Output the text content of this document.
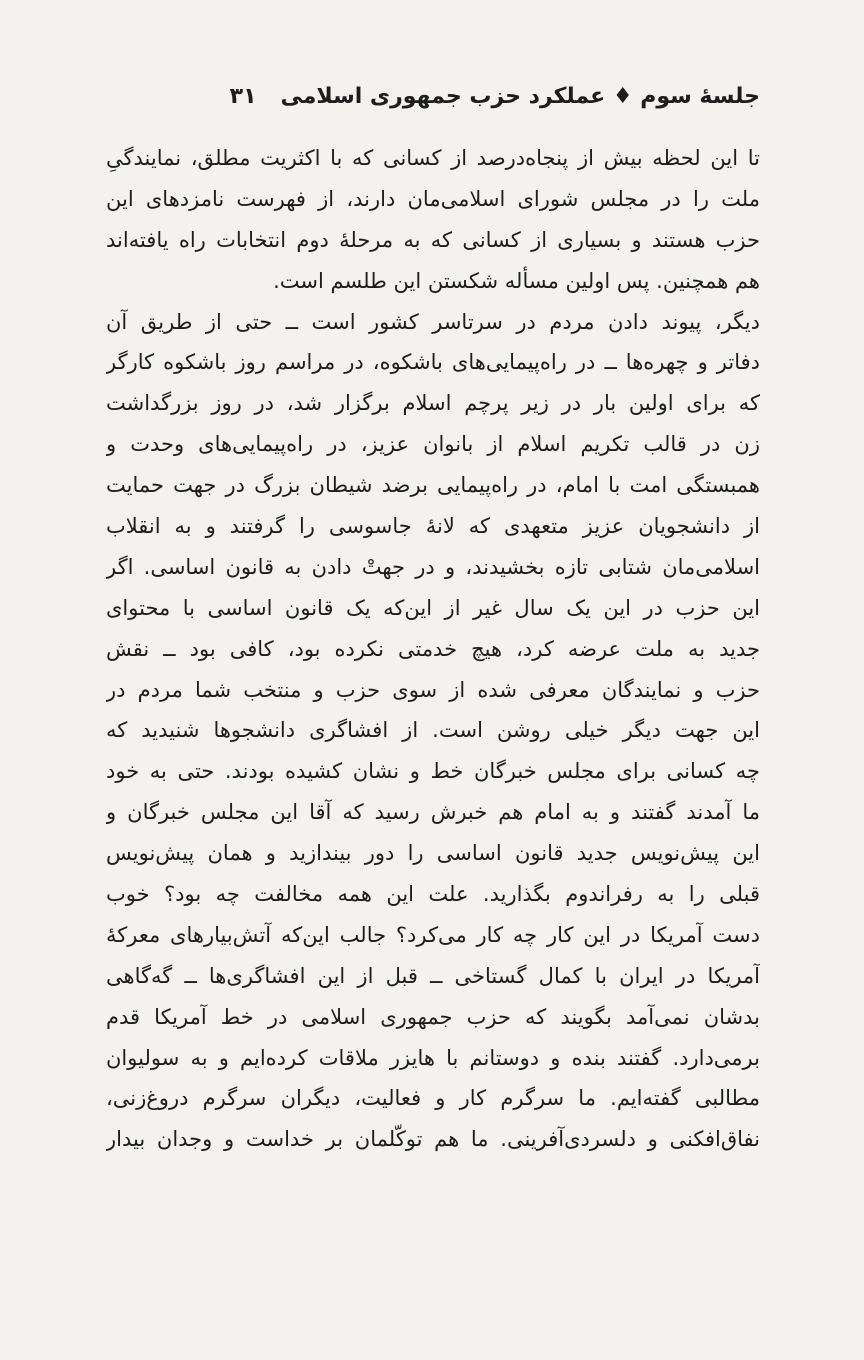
جلسۀ سوم ♦ عملکرد حزب جمهوری اسلامی
۳۱
تا این لحظه بیش از پنجاه‌درصد از کسانی که با اکثریت مطلق، نمایندگیِ
ملت را در مجلس شورای اسلامی‌مان دارند، از فهرست نامزدهای این
حزب هستند و بسیاری از کسانی که به مرحلۀ دوم انتخابات راه یافته‌اند
هم همچنین. پس اولین مسأله شکستن این طلسم است.
دیگر، پیوند دادن مردم در سرتاسر کشور است ــ حتی از طریق آن
دفاتر و چهره‌ها ــ در راه‌پیمایی‌های باشکوه، در مراسم روز باشکوه کارگر
که برای اولین بار در زیر پرچم اسلام برگزار شد، در روز بزرگداشت
زن در قالب تکریم اسلام از بانوان عزیز، در راه‌پیمایی‌های وحدت و
همبستگی امت با امام، در راه‌پیمایی برضد شیطان بزرگ در جهت حمایت
از دانشجویان عزیز متعهدی که لانۀ جاسوسی را گرفتند و به انقلاب
اسلامی‌مان شتابی تازه بخشیدند، و در جهتْ دادن به قانون اساسی. اگر
این حزب در این یک سال غیر از این‌که یک قانون اساسی با محتوای
جدید به ملت عرضه کرد، هیچ خدمتی نکرده بود، کافی بود ــ نقش
حزب و نمایندگان معرفی شده از سوی حزب و منتخب شما مردم در
این جهت دیگر خیلی روشن است. از افشاگری دانشجوها شنیدید که
چه کسانی برای مجلس خبرگان خط و نشان کشیده بودند. حتی به خود
ما آمدند گفتند و به امام هم خبرش رسید که آقا این مجلس خبرگان و
این پیش‌نویس جدید قانون اساسی را دور بیندازید و همان پیش‌نویس
قبلی را به رفراندوم بگذارید. علت این همه مخالفت چه بود؟ خوب
دست آمریکا در این کار چه کار می‌کرد؟ جالب این‌که آتش‌بیارهای معرکۀ
آمریکا در ایران با کمال گستاخی ــ قبل از این افشاگری‌ها ــ گه‌گاهی
بدشان نمی‌آمد بگویند که حزب جمهوری اسلامی در خط آمریکا قدم
برمی‌دارد. گفتند بنده و دوستانم با هایزر ملاقات کرده‌ایم و به سولیوان
مطالبی گفته‌ایم. ما سرگرم کار و فعالیت، دیگران سرگرم دروغ‌زنی،
نفاق‌افکنی و دلسردی‌آفرینی. ما هم توکّلمان بر خداست و وجدان بیدار
